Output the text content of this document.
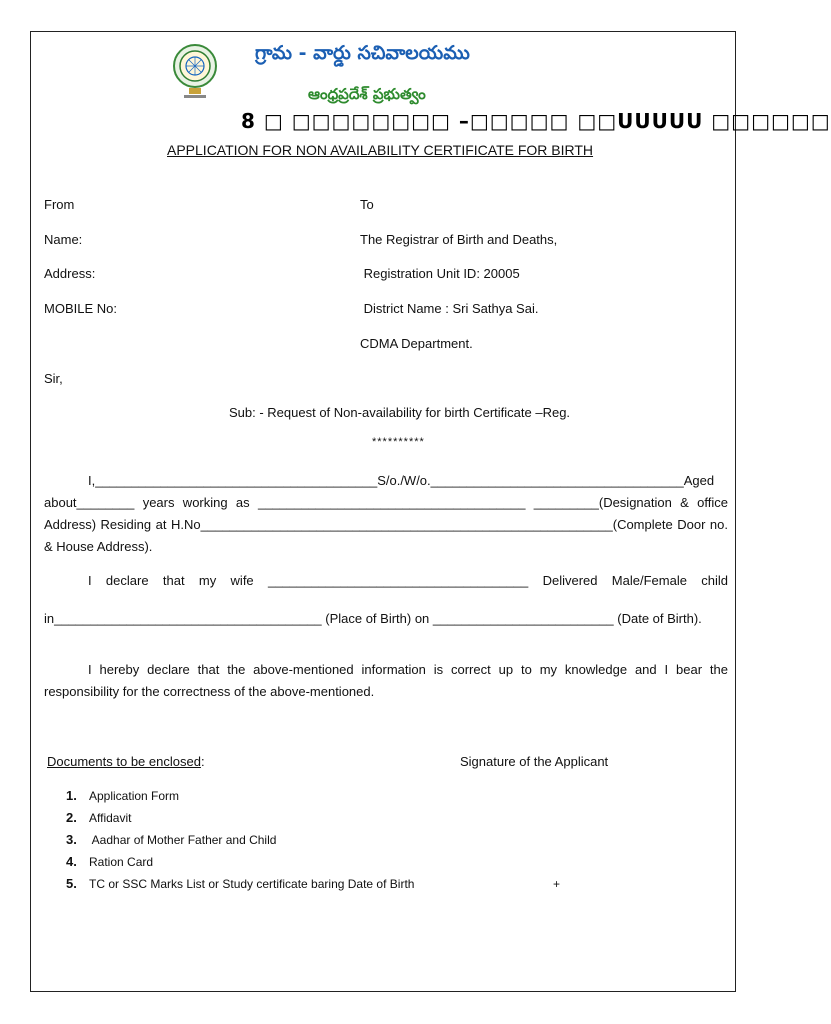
గ్రామ - వార్డు సచివాలయము
ఆంధ్రప్రదేశ్ ప్రభుత్వం
8 □ □□□□□□□□ –□□□□□ □□UUUUU □□□□□□
APPLICATION FOR NON AVAILABILITY CERTIFICATE FOR BIRTH
From
Name:
Address:
MOBILE No:
To
The Registrar of Birth and Deaths,
Registration Unit ID: 20005
District Name : Sri Sathya Sai.
CDMA Department.
Sir,
Sub: - Request of Non-availability for birth Certificate –Reg.
**********
I,_______________________________________S/o./W/o.___________________________________Aged about________ years working as _____________________________________ _________(Designation & office Address) Residing at H.No_________________________________________________________(Complete Door no. & House Address).
I declare that my wife ____________________________________ Delivered Male/Female child
in_____________________________________ (Place of Birth) on _________________________ (Date of Birth).
I hereby declare that the above-mentioned information is correct up to my knowledge and I bear the responsibility for the correctness of the above-mentioned.
Documents to be enclosed:	Signature of the Applicant
1. Application Form
2. Affidavit
3. Aadhar of Mother Father and Child
4. Ration Card
5. TC or SSC Marks List or Study certificate baring Date of Birth	+
